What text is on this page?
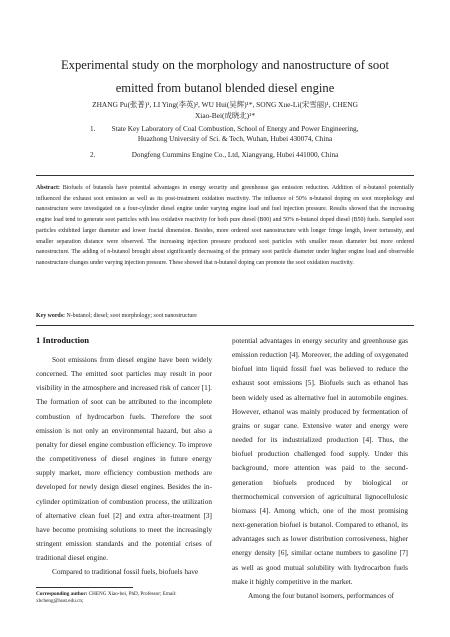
Experimental study on the morphology and nanostructure of soot
emitted from butanol blended diesel engine
ZHANG Pu(张普)¹, LI Ying(李英)², WU Hui(吴辉)¹*, SONG Xue-Li(宋雪丽)¹, CHENG
Xiao-Bei(成晓北)¹*
1.	State Key Laboratory of Coal Combustion, School of Energy and Power Engineering,
Huazhong University of Sci. & Tech, Wuhan, Hubei 430074, China
2.	Dongfeng Cummins Engine Co., Ltd, Xiangyang, Hubei 441000, China
Abstract: Biofuels of butanols have potential advantages in energy security and greenhouse gas emission reduction. Addition of n-butanol potentially influenced the exhaust soot emission as well as its post-treatment oxidation reactivity. The influence of 50% n-butanol doping on soot morphology and nanostructure were investigated on a four-cylinder diesel engine under varying engine load and fuel injection pressure. Results showed that the increasing engine load tend to generate soot particles with less oxidative reactivity for both pure diesel (B00) and 50% n-butanol doped diesel (B50) fuels. Sampled soot particles exhibited larger diameter and lower fractal dimension. Besides, more ordered soot nanostructure with longer fringe length, lower tortuosity, and smaller separation distance were observed. The increasing injection pressure produced soot particles with smaller mean diameter but more ordered nanostructure. The adding of n-butanol brought about significantly decreasing of the primary soot particle diameter under higher engine load and observable nanostructure changes under varying injection pressure. These showed that n-butanol doping can promote the soot oxidation reactivity.
Key words: N-butanol; diesel; soot morphology; soot nanostructure
1 Introduction

Soot emissions from diesel engine have been widely concerned. The emitted soot particles may result in poor visibility in the atmosphere and increased risk of cancer [1]. The formation of soot can be attributed to the incomplete combustion of hydrocarbon fuels. Therefore the soot emission is not only an environmental hazard, but also a penalty for diesel engine combustion efficiency. To improve the competitiveness of diesel engines in future energy supply market, more efficiency combustion methods are developed for newly design diesel engines. Besides the in-cylinder optimization of combustion process, the utilization of alternative clean fuel [2] and extra after-treatment [3] have become promising solutions to meet the increasingly stringent emission standards and the potential crises of traditional diesel engine.

Compared to traditional fossil fuels, biofuels have

potential advantages in energy security and greenhouse gas emission reduction [4]. Moreover, the adding of oxygenated biofuel into liquid fossil fuel was believed to reduce the exhaust soot emissions [5]. Biofuels such as ethanol has been widely used as alternative fuel in automobile engines. However, ethanol was mainly produced by fermentation of grains or sugar cane. Extensive water and energy were needed for its industrialized production [4]. Thus, the biofuel production challenged food supply. Under this background, more attention was paid to the second-generation biofuels produced by biological or thermochemical conversion of agricultural lignocellulosic biomass [4]. Among which, one of the most promising next-generation biofuel is butanol. Compared to ethanol, its advantages such as lower distribution corrosiveness, higher energy density [6], similar octane numbers to gasoline [7] as well as good mutual solubility with hydrocarbon fuels make it highly competitive in the market.

Among the four butanol isomers, performances of

Corresponding author: CHENG Xiao-bei, PhD, Professor; Email: xbcheng@hust.edu.cn;
